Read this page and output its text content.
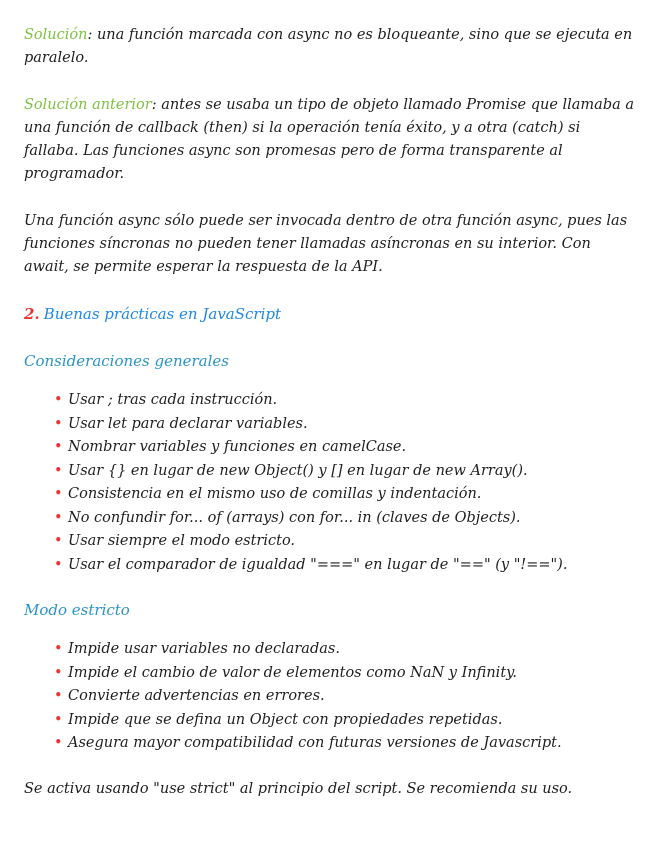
Solución: una función marcada con async no es bloqueante, sino que se ejecuta en paralelo.

Solución anterior: antes se usaba un tipo de objeto llamado Promise que llamaba a una función de callback (then) si la operación tenía éxito, y a otra (catch) si fallaba. Las funciones async son promesas pero de forma transparente al programador.

Una función async sólo puede ser invocada dentro de otra función async, pues las funciones síncronas no pueden tener llamadas asíncronas en su interior. Con await, se permite esperar la respuesta de la API.

2. Buenas prácticas en JavaScript
Consideraciones generales
• Usar ; tras cada instrucción.
• Usar let para declarar variables.
• Nombrar variables y funciones en camelCase.
• Usar {} en lugar de new Object() y [] en lugar de new Array().
• Consistencia en el mismo uso de comillas y indentación.
• No confundir for... of (arrays) con for... in (claves de Objects).
• Usar siempre el modo estricto.
• Usar el comparador de igualdad "===" en lugar de "==" (y "!==").
Modo estricto
• Impide usar variables no declaradas.
• Impide el cambio de valor de elementos como NaN y Infinity.
• Convierte advertencias en errores.
• Impide que se defina un Object con propiedades repetidas.
• Asegura mayor compatibilidad con futuras versiones de Javascript.

Se activa usando "use strict" al principio del script. Se recomienda su uso.
